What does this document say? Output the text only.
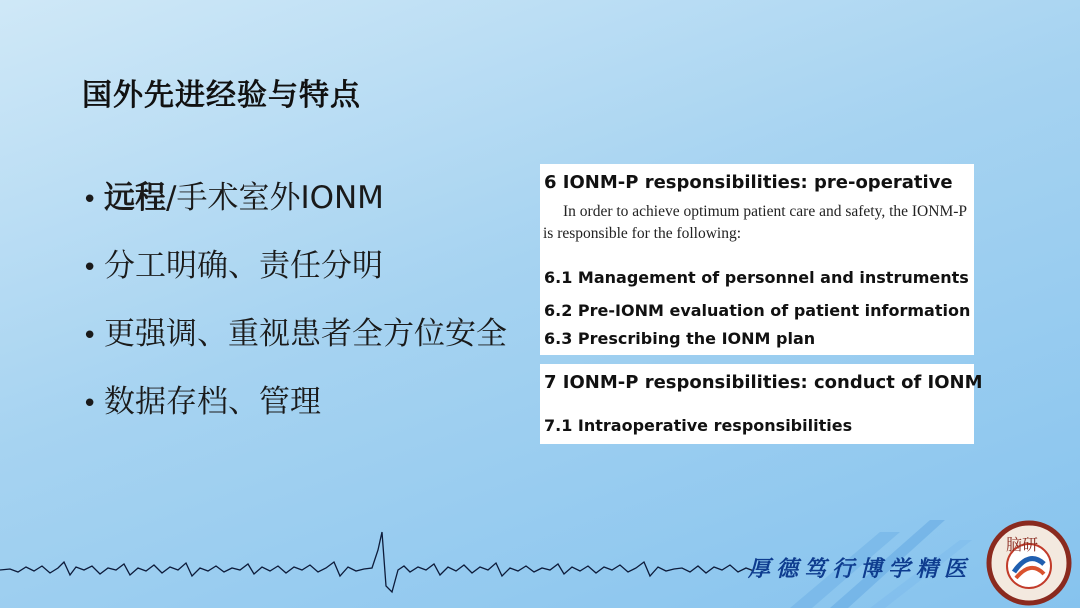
国外先进经验与特点
• 远程/手术室外IONM
• 分工明确、责任分明
• 更强调、重视患者全方位安全
• 数据存档、管理
6 IONM-P responsibilities: pre-operative
In order to achieve optimum patient care and safety, the IONM-P is responsible for the following:
6.1 Management of personnel and instruments
6.2 Pre-IONM evaluation of patient information
6.3 Prescribing the IONM plan
7 IONM-P responsibilities: conduct of IONM
7.1 Intraoperative responsibilities
厚德笃行博学精医
脑研
